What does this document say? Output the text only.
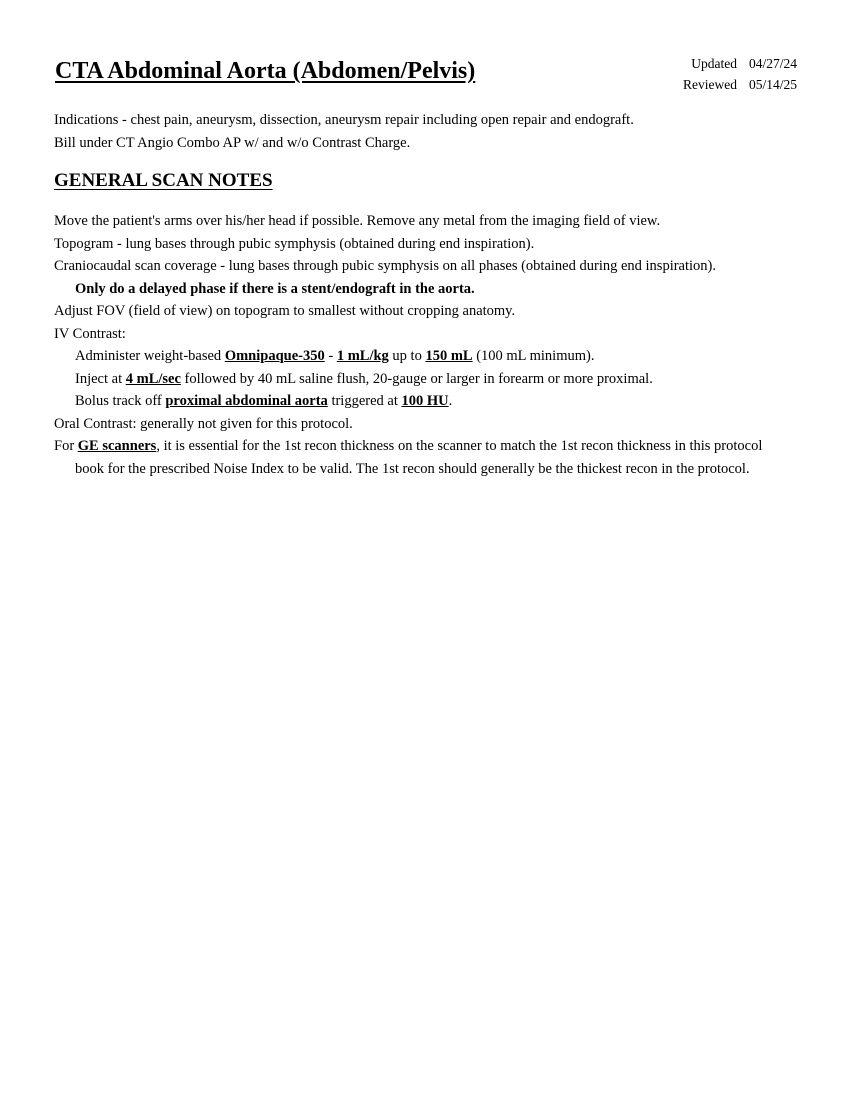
CTA Abdominal Aorta (Abdomen/Pelvis)	Updated 04/27/24
Reviewed 05/14/25
Indications - chest pain, aneurysm, dissection, aneurysm repair including open repair and endograft.
Bill under CT Angio Combo AP w/ and w/o Contrast Charge.
GENERAL SCAN NOTES
Move the patient's arms over his/her head if possible. Remove any metal from the imaging field of view.
Topogram - lung bases through pubic symphysis (obtained during end inspiration).
Craniocaudal scan coverage - lung bases through pubic symphysis on all phases (obtained during end inspiration).
Only do a delayed phase if there is a stent/endograft in the aorta.
Adjust FOV (field of view) on topogram to smallest without cropping anatomy.
IV Contrast:
Administer weight-based Omnipaque-350 - 1 mL/kg up to 150 mL (100 mL minimum).
Inject at 4 mL/sec followed by 40 mL saline flush, 20-gauge or larger in forearm or more proximal.
Bolus track off proximal abdominal aorta triggered at 100 HU.
Oral Contrast: generally not given for this protocol.
For GE scanners, it is essential for the 1st recon thickness on the scanner to match the 1st recon thickness in this protocol book for the prescribed Noise Index to be valid. The 1st recon should generally be the thickest recon in the protocol.
